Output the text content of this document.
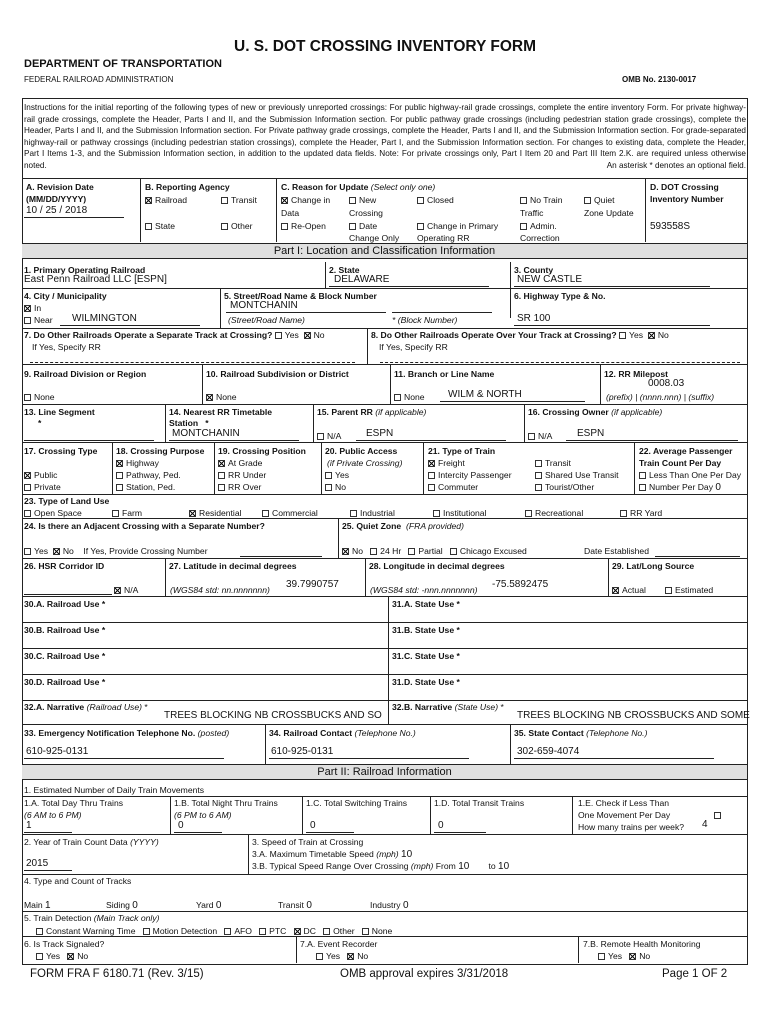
U. S. DOT CROSSING INVENTORY FORM
DEPARTMENT OF TRANSPORTATION
FEDERAL RAILROAD ADMINISTRATION	OMB No. 2130-0017
Instructions for the initial reporting of the following types of new or previously unreported crossings: For public highway-rail grade crossings, complete the entire inventory Form. For private highway-rail grade crossings, complete the Header, Parts I and II, and the Submission Information section. For public pathway grade crossings (including pedestrian station grade crossings), complete the Header, Parts I and II, and the Submission Information section. For Private pathway grade crossings, complete the Header, Parts I and II, and the Submission Information section. For grade-separated highway-rail or pathway crossings (including pedestrian station crossings), complete the Header, Part I, and the Submission Information section. For changes to existing data, complete the Header, Part I Items 1-3, and the Submission Information section, in addition to the updated data fields. Note: For private crossings only, Part I Item 20 and Part III Item 2.K. are required unless otherwise noted.	An asterisk * denotes an optional field.
A. Revision Date
(MM/DD/YYYY)
10 / 25 / 2018
B. Reporting Agency
Railroad	Transit
State	Other
C. Reason for Update (Select only one)
Change in
Data
New
Crossing
Closed	No Train
Traffic
Quiet
Zone Update
Re-Open	Date
Change Only
Change in Primary
Operating RR
Admin.
Correction
D. DOT Crossing
Inventory Number
593558S
Part I: Location and Classification Information
1. Primary Operating Railroad
East Penn Railroad LLC [ESPN]
2. State
DELAWARE
3. County
NEW CASTLE
4. City / Municipality
In
Near WILMINGTON
5. Street/Road Name & Block Number
MONTCHANIN
(Street/Road Name)	* (Block Number)
6. Highway Type & No.
SR 100
7. Do Other Railroads Operate a Separate Track at Crossing? Yes No
If Yes, Specify RR
8. Do Other Railroads Operate Over Your Track at Crossing? Yes No
If Yes, Specify RR
9. Railroad Division or Region
None
10. Railroad Subdivision or District
None
11. Branch or Line Name
None WILM & NORTH
12. RR Milepost
0008.03
(prefix) | (nnnn.nnn) | (suffix)
13. Line Segment
*
14. Nearest RR Timetable
Station   *
MONTCHANIN
15. Parent RR (if applicable)
N/A ESPN
16. Crossing Owner (if applicable)
N/A ESPN
17. Crossing Type
Public
Private
18. Crossing Purpose
Highway
Pathway, Ped.
Station, Ped.
19. Crossing Position
At Grade
RR Under
RR Over
20. Public Access
(if Private Crossing)
Yes
No
21. Type of Train
Freight
Intercity Passenger
Commuter
Transit
Shared Use Transit
Tourist/Other
22. Average Passenger
Train Count Per Day
Less Than One Per Day
Number Per Day 0
23. Type of Land Use
Open Space	Farm	Residential	Commercial	Industrial	Institutional	Recreational	RR Yard
24. Is there an Adjacent Crossing with a Separate Number?
Yes No If Yes, Provide Crossing Number
25. Quiet Zone (FRA provided)
No 24 Hr Partial Chicago Excused	Date Established
26. HSR Corridor ID
N/A
27. Latitude in decimal degrees
(WGS84 std: nn.nnnnnnn) 39.7990757
28. Longitude in decimal degrees
(WGS84 std: -nnn.nnnnnnn) -75.5892475
29. Lat/Long Source
Actual	Estimated
30.A. Railroad Use *	31.A. State Use *
30.B. Railroad Use *	31.B. State Use *
30.C. Railroad Use *	31.C. State Use *
30.D. Railroad Use *	31.D. State Use *
32.A. Narrative (Railroad Use) *
TREES BLOCKING NB CROSSBUCKS AND SO
32.B. Narrative (State Use) *
TREES BLOCKING NB CROSSBUCKS AND SOME
33. Emergency Notification Telephone No. (posted)
610-925-0131
34. Railroad Contact (Telephone No.)
610-925-0131
35. State Contact (Telephone No.)
302-659-4074
Part II: Railroad Information
1. Estimated Number of Daily Train Movements
1.A. Total Day Thru Trains
(6 AM to 6 PM)
1
1.B. Total Night Thru Trains
(6 PM to 6 AM)
0
1.C. Total Switching Trains
0
1.D. Total Transit Trains
0
1.E. Check if Less Than
One Movement Per Day
How many trains per week? 4
2. Year of Train Count Data (YYYY)
2015
3. Speed of Train at Crossing
3.A. Maximum Timetable Speed (mph) 10
3.B. Typical Speed Range Over Crossing (mph) From 10 to 10
4. Type and Count of Tracks
Main 1	Siding 0	Yard 0	Transit 0	Industry 0
5. Train Detection (Main Track only)
Constant Warning Time Motion Detection AFO PTC DC Other None
6. Is Track Signaled?
Yes No
7.A. Event Recorder
Yes No
7.B. Remote Health Monitoring
Yes No
FORM FRA F 6180.71 (Rev. 3/15)	OMB approval expires 3/31/2018	Page 1 OF 2
